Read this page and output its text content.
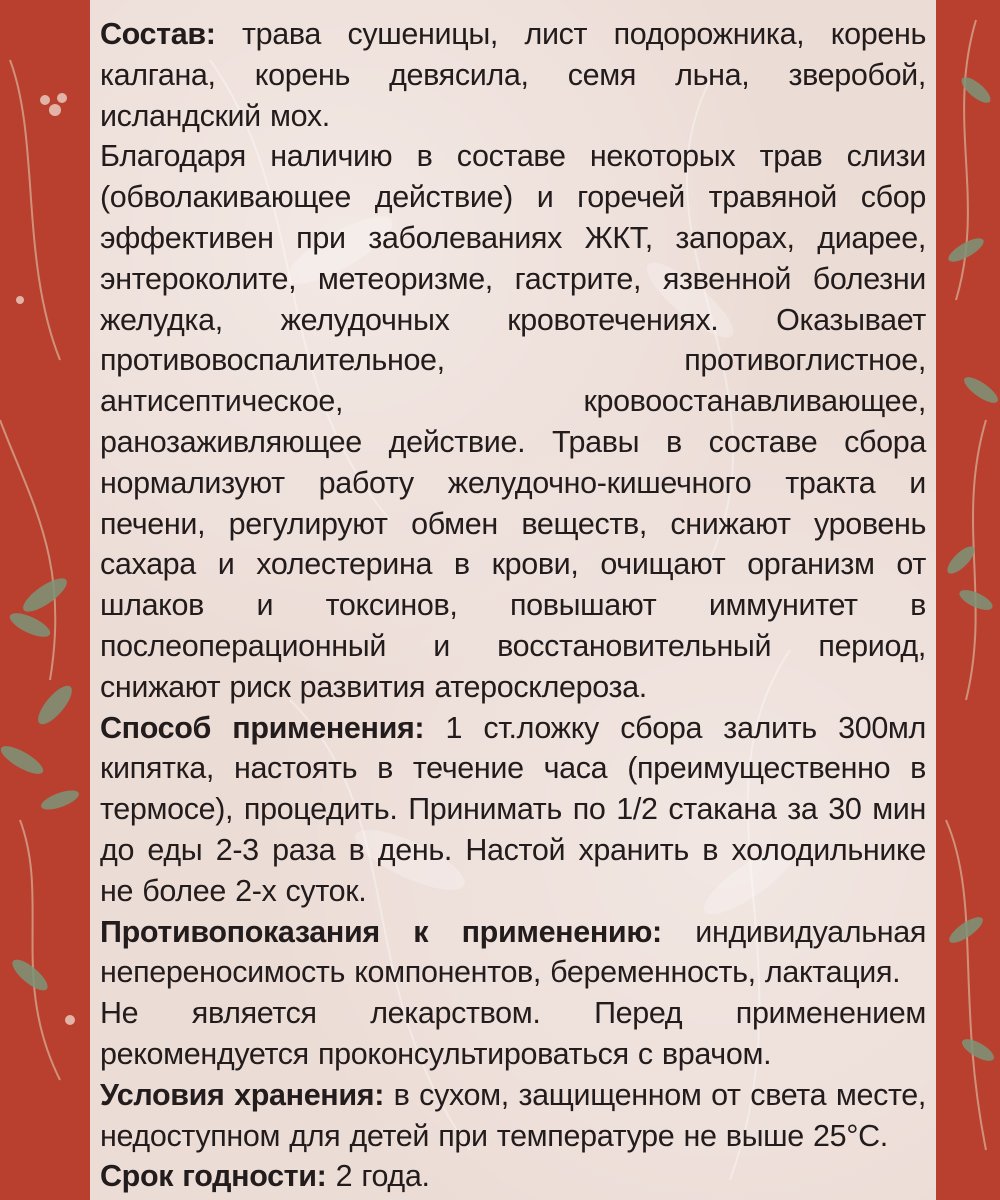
Состав: трава сушеницы, лист подорожника, корень калгана, корень девясила, семя льна, зверобой, исландский мох.

Благодаря наличию в составе некоторых трав слизи (обволакивающее действие) и горечей травяной сбор эффективен при заболеваниях ЖКТ, запорах, диарее, энтероколите, метеоризме, гастрите, язвенной болезни желудка, желудочных кровотечениях. Оказывает противовоспалительное, противоглистное, антисептическое, кровоостанавливающее, ранозаживляющее действие. Травы в составе сбора нормализуют работу желудочно-кишечного тракта и печени, регулируют обмен веществ, снижают уровень сахара и холестерина в крови, очищают организм от шлаков и токсинов, повышают иммунитет в послеоперационный и восстановительный период, снижают риск развития атеросклероза.

Способ применения: 1 ст.ложку сбора залить 300мл кипятка, настоять в течение часа (преимущественно в термосе), процедить. Принимать по 1/2 стакана за 30 мин до еды 2-3 раза в день. Настой хранить в холодильнике не более 2-х суток.

Противопоказания к применению: индивидуальная непереносимость компонентов, беременность, лактация.

Не является лекарством. Перед применением рекомендуется проконсультироваться с врачом.

Условия хранения: в сухом, защищенном от света месте, недоступном для детей при температуре не выше 25°С.

Срок годности: 2 года.
